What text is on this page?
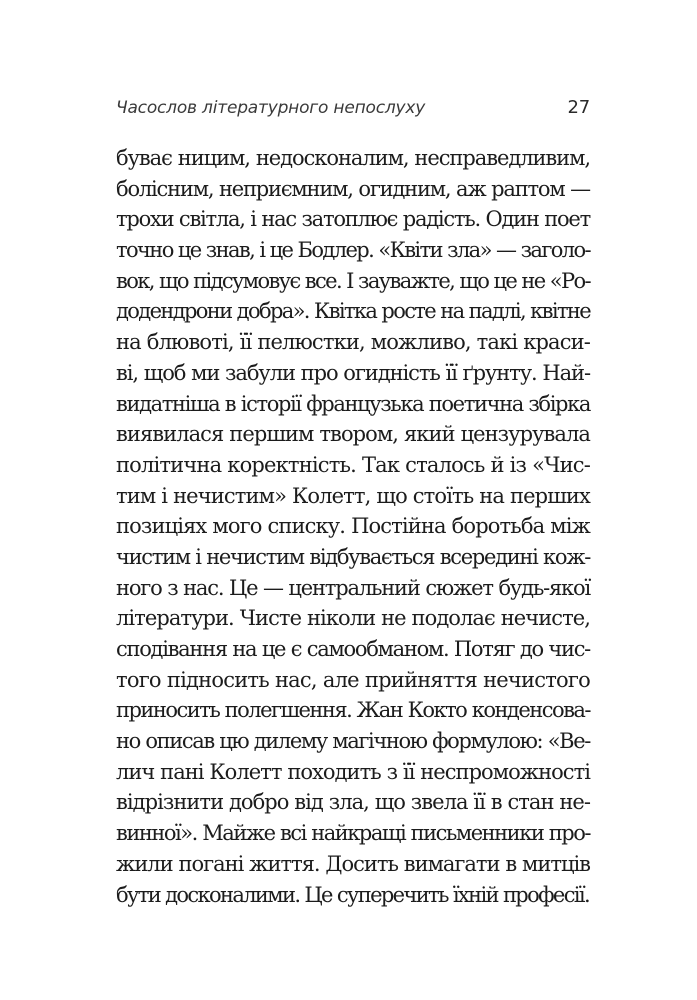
Часослов літературного непослуху	27
буває ницим, недосконалим, несправедливим,
болісним, неприємним, огидним, аж раптом —
трохи світла, і нас затоплює радість. Один поет
точно це знав, і це Бодлер. «Квіти зла» — заголо-
вок, що підсумовує все. І зауважте, що це не «Ро-
додендрони добра». Квітка росте на падлі, квітне
на блювоті, її пелюстки, можливо, такі краси-
ві, щоб ми забули про огидність її ґрунту. Най-
видатніша в історії французька поетична збірка
виявилася першим твором, який цензурувала
політична коректність. Так сталось й із «Чис-
тим і нечистим» Колетт, що стоїть на перших
позиціях мого списку. Постійна боротьба між
чистим і нечистим відбувається всередині кож-
ного з нас. Це — центральний сюжет будь-якої
літератури. Чисте ніколи не подолає нечисте,
сподівання на це є самообманом. Потяг до чис-
того підносить нас, але прийняття нечистого
приносить полегшення. Жан Кокто конденсова-
но описав цю дилему магічною формулою: «Ве-
лич пані Колетт походить з її неспроможності
відрізнити добро від зла, що звела її в стан не-
винної». Майже всі найкращі письменники про-
жили погані життя. Досить вимагати в митців
бути досконалими. Це суперечить їхній професії.
